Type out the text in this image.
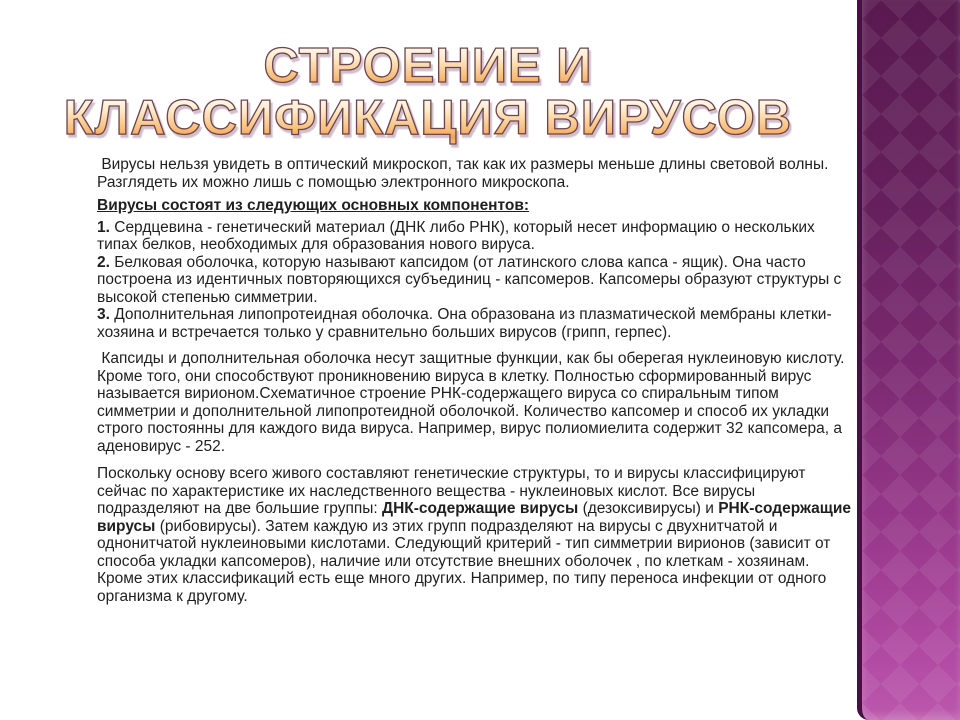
СТРОЕНИЕ И КЛАССИФИКАЦИЯ ВИРУСОВ

Вирусы нельзя увидеть в оптический микроскоп, так как их размеры меньше длины световой волны. Разглядеть их можно лишь с помощью электронного микроскопа.

Вирусы состоят из следующих основных компонентов:

1. Сердцевина - генетический материал (ДНК либо РНК), который несет информацию о нескольких типах белков, необходимых для образования нового вируса.

2. Белковая оболочка, которую называют капсидом (от латинского слова капса - ящик). Она часто построена из идентичных повторяющихся субъединиц - капсомеров. Капсомеры образуют структуры с высокой степенью симметрии.

3. Дополнительная липопротеидная оболочка. Она образована из плазматической мембраны клетки-хозяина и встречается только у сравнительно больших вирусов (грипп, герпес).

Капсиды и дополнительная оболочка несут защитные функции, как бы оберегая нуклеиновую кислоту. Кроме того, они способствуют проникновению вируса в клетку. Полностью сформированный вирус называется вирионом.Схематичное строение РНК-содержащего вируса со спиральным типом симметрии и дополнительной липопротеидной оболочкой. Количество капсомер и способ их укладки строго постоянны для каждого вида вируса. Например, вирус полиомиелита содержит 32 капсомера, а аденовирус - 252.

Поскольку основу всего живого составляют генетические структуры, то и вирусы классифицируют сейчас по характеристике их наследственного вещества - нуклеиновых кислот. Все вирусы подразделяют на две большие группы: ДНК-содержащие вирусы (дезоксивирусы) и РНК-содержащие вирусы (рибовирусы). Затем каждую из этих групп подразделяют на вирусы с двухнитчатой и однонитчатой нуклеиновыми кислотами. Следующий критерий - тип симметрии вирионов (зависит от способа укладки капсомеров), наличие или отсутствие внешних оболочек , по клеткам - хозяинам. Кроме этих классификаций есть еще много других. Например, по типу переноса инфекции от одного организма к другому.
